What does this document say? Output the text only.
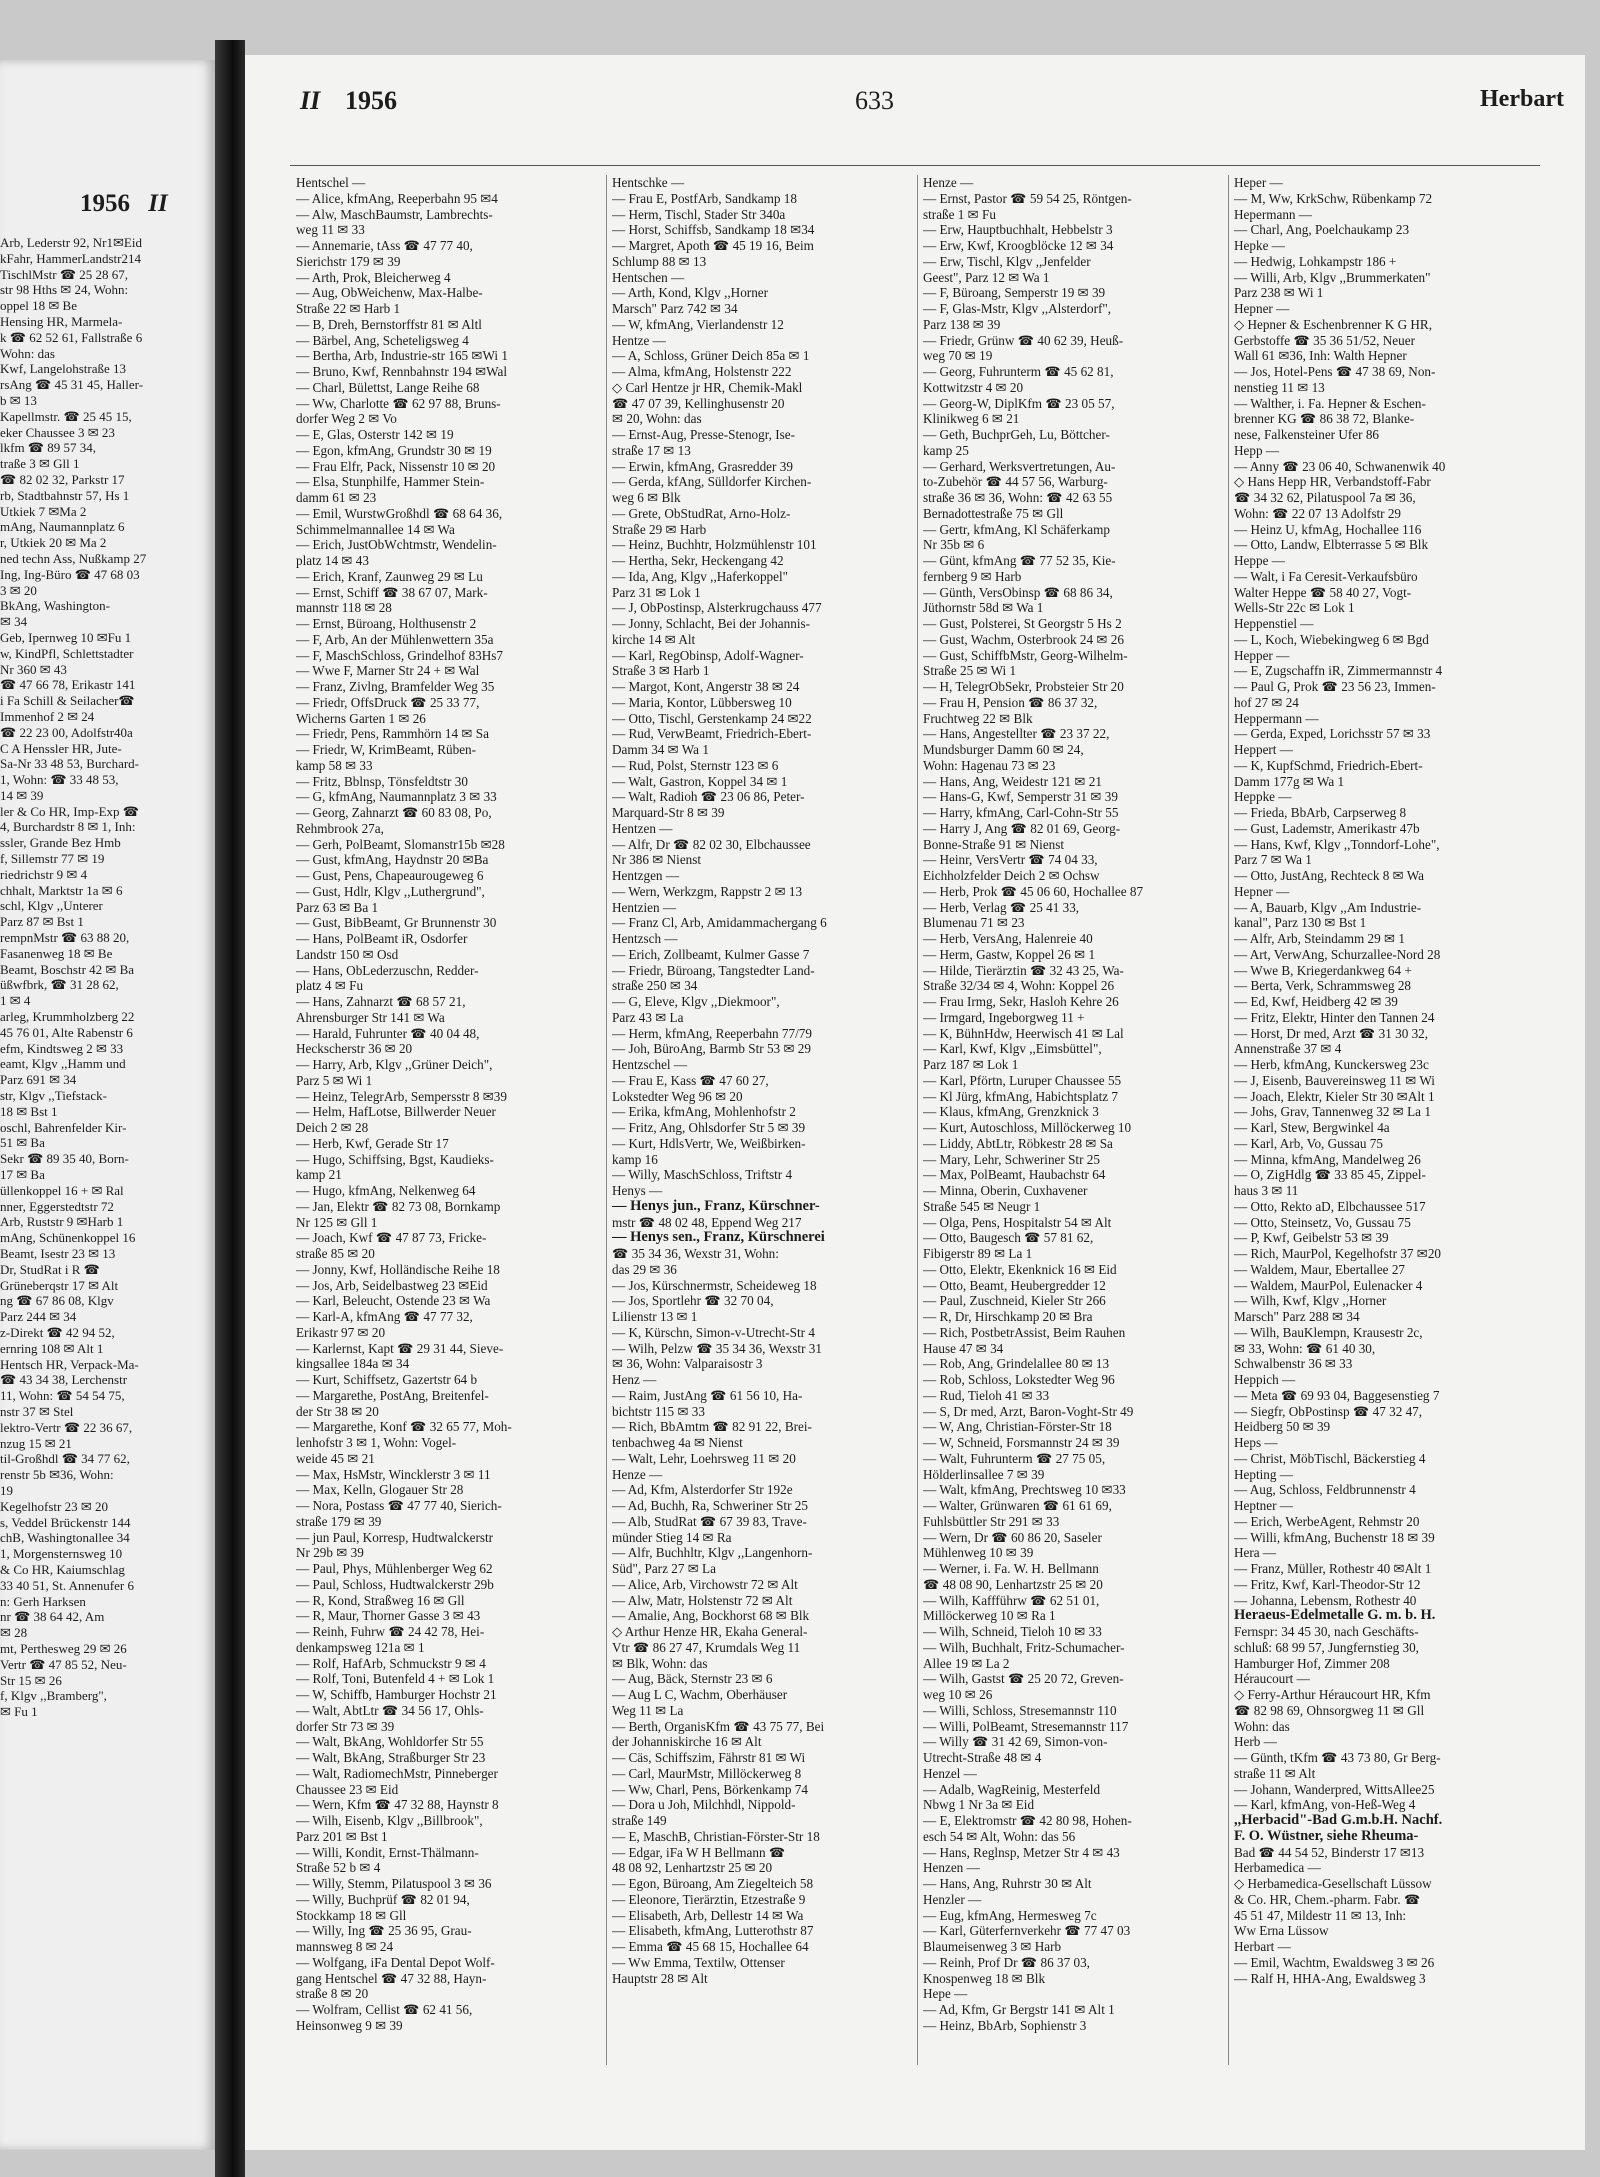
1956 II
Arb, Lederstr 92, Nr1✉Eid
kFahr, HammerLandstr214
TischlMstr ☎ 25 28 67,
str 98 Hths ✉ 24, Wohn:
oppel 18 ✉ Be
Hensing HR, Marmela-
k ☎ 62 52 61, Fallstraße 6
Wohn: das
Kwf, Langelohstraße 13
rsAng ☎ 45 31 45, Haller-
b ✉ 13
Kapellmstr. ☎ 25 45 15,
eker Chaussee 3 ✉ 23
lkfm ☎ 89 57 34,
traße 3 ✉ Gll 1
☎ 82 02 32, Parkstr 17
rb, Stadtbahnstr 57, Hs 1
Utkiek 7 ✉Ma 2
mAng, Naumannplatz 6
r, Utkiek 20 ✉ Ma 2
ned techn Ass, Nußkamp 27
Ing, Ing-Büro ☎ 47 68 03
3 ✉ 20
BkAng, Washington-
✉ 34
Geb, Ipernweg 10 ✉Fu 1
w, KindPfl, Schlettstadter
Nr 360 ✉ 43
☎ 47 66 78, Erikastr 141
i Fa Schill & Seilacher☎
Immenhof 2 ✉ 24
☎ 22 23 00, Adolfstr40a
C A Henssler HR, Jute-
Sa-Nr 33 48 53, Burchard-
1, Wohn: ☎ 33 48 53,
14 ✉ 39
ler & Co HR, Imp-Exp ☎
4, Burchardstr 8 ✉ 1, Inh:
ssler, Grande Bez Hmb
f, Sillemstr 77 ✉ 19
riedrichstr 9 ✉ 4
chhalt, Marktstr 1a ✉ 6
schl, Klgv ,,Unterer
Parz 87 ✉ Bst 1
rempnMstr ☎ 63 88 20,
Fasanenweg 18 ✉ Be
Beamt, Boschstr 42 ✉ Ba
üßwfbrk, ☎ 31 28 62,
1 ✉ 4
arleg, Krummholzberg 22
45 76 01, Alte Rabenstr 6
efm, Kindtsweg 2 ✉ 33
eamt, Klgv ,,Hamm und
Parz 691 ✉ 34
str, Klgv ,,Tiefstack-
18 ✉ Bst 1
oschl, Bahrenfelder Kir-
51 ✉ Ba
Sekr ☎ 89 35 40, Born-
17 ✉ Ba
üllenkoppel 16 + ✉ Ral
nner, Eggerstedtstr 72
Arb, Ruststr 9 ✉Harb 1
mAng, Schünenkoppel 16
Beamt, Isestr 23 ✉ 13
Dr, StudRat i R ☎
Grüneberqstr 17 ✉ Alt
ng ☎ 67 86 08, Klgv
Parz 244 ✉ 34
z-Direkt ☎ 42 94 52,
ernring 108 ✉ Alt 1
Hentsch HR, Verpack-Ma-
☎ 43 34 38, Lerchenstr
11, Wohn: ☎ 54 54 75,
nstr 37 ✉ Stel
lektro-Vertr ☎ 22 36 67,
nzug 15 ✉ 21
til-Großhdl ☎ 34 77 62,
renstr 5b ✉36, Wohn:
19
Kegelhofstr 23 ✉ 20
s, Veddel Brückenstr 144
chB, Washingtonallee 34
1, Morgensternsweg 10
& Co HR, Kaiumschlag
33 40 51, St. Annenufer 6
n: Gerh Harksen
nr ☎ 38 64 42, Am
✉ 28
mt, Perthesweg 29 ✉ 26
Vertr ☎ 47 85 52, Neu-
Str 15 ✉ 26
f, Klgv ,,Bramberg",
✉ Fu 1
II 1956	633	Herbart
Hentschel —
— Alice, kfmAng, Reeperbahn 95 ✉4
— Alw, MaschBaumstr, Lambrechts-
weg 11 ✉ 33
— Annemarie, tAss ☎ 47 77 40,
Sierichstr 179 ✉ 39
— Arth, Prok, Bleicherweg 4
— Aug, ObWeichenw, Max-Halbe-
Straße 22 ✉ Harb 1
— B, Dreh, Bernstorffstr 81 ✉ Altl
— Bärbel, Ang, Scheteligsweg 4
— Bertha, Arb, Industrie-str 165 ✉Wi 1
— Bruno, Kwf, Rennbahnstr 194 ✉Wal
— Charl, Bülettst, Lange Reihe 68
— Ww, Charlotte ☎ 62 97 88, Bruns-
dorfer Weg 2 ✉ Vo
— E, Glas, Osterstr 142 ✉ 19
— Egon, kfmAng, Grundstr 30 ✉ 19
— Frau Elfr, Pack, Nissenstr 10 ✉ 20
— Elsa, Stunphilfe, Hammer Stein-
damm 61 ✉ 23
— Emil, WurstwGroßhdl ☎ 68 64 36,
Schimmelmannallee 14 ✉ Wa
— Erich, JustObWchtmstr, Wendelin-
platz 14 ✉ 43
— Erich, Kranf, Zaunweg 29 ✉ Lu
— Ernst, Schiff ☎ 38 67 07, Mark-
mannstr 118 ✉ 28
— Ernst, Büroang, Holthusenstr 2
— F, Arb, An der Mühlenwettern 35a
— F, MaschSchloss, Grindelhof 83Hs7
— Wwe F, Marner Str 24 + ✉ Wal
— Franz, Zivlng, Bramfelder Weg 35
— Friedr, OffsDruck ☎ 25 33 77,
Wicherns Garten 1 ✉ 26
— Friedr, Pens, Rammhörn 14 ✉ Sa
— Friedr, W, KrimBeamt, Rüben-
kamp 58 ✉ 33
— Fritz, Bblnsp, Tönsfeldtstr 30
— G, kfmAng, Naumannplatz 3 ✉ 33
— Georg, Zahnarzt ☎ 60 83 08, Po,
Rehmbrook 27a,
— Gerh, PolBeamt, Slomanstr15b ✉28
— Gust, kfmAng, Haydnstr 20 ✉Ba
— Gust, Pens, Chapeaurougeweg 6
— Gust, Hdlr, Klgv ,,Luthergrund",
Parz 63 ✉ Ba 1
— Gust, BibBeamt, Gr Brunnenstr 30
— Hans, PolBeamt iR, Osdorfer
Landstr 150 ✉ Osd
— Hans, ObLederzuschn, Redder-
platz 4 ✉ Fu
— Hans, Zahnarzt ☎ 68 57 21,
Ahrensburger Str 141 ✉ Wa
— Harald, Fuhrunter ☎ 40 04 48,
Heckscherstr 36 ✉ 20
— Harry, Arb, Klgv ,,Grüner Deich",
Parz 5 ✉ Wi 1
— Heinz, TelegrArb, Sempersstr 8 ✉39
— Helm, HafLotse, Billwerder Neuer
Deich 2 ✉ 28
— Herb, Kwf, Gerade Str 17
— Hugo, Schiffsing, Bgst, Kaudieks-
kamp 21
— Hugo, kfmAng, Nelkenweg 64
— Jan, Elektr ☎ 82 73 08, Bornkamp
Nr 125 ✉ Gll 1
— Joach, Kwf ☎ 47 87 73, Fricke-
straße 85 ✉ 20
— Jonny, Kwf, Holländische Reihe 18
— Jos, Arb, Seidelbastweg 23 ✉Eid
— Karl, Beleucht, Ostende 23 ✉ Wa
— Karl-A, kfmAng ☎ 47 77 32,
Erikastr 97 ✉ 20
— Karlernst, Kapt ☎ 29 31 44, Sieve-
kingsallee 184a ✉ 34
— Kurt, Schiffsetz, Gazertstr 64 b
— Margarethe, PostAng, Breitenfel-
der Str 38 ✉ 20
— Margarethe, Konf ☎ 32 65 77, Moh-
lenhofstr 3 ✉ 1, Wohn: Vogel-
weide 45 ✉ 21
— Max, HsMstr, Wincklerstr 3 ✉ 11
— Max, Kelln, Glogauer Str 28
— Nora, Postass ☎ 47 77 40, Sierich-
straße 179 ✉ 39
— jun Paul, Korresp, Hudtwalckerstr
Nr 29b ✉ 39
— Paul, Phys, Mühlenberger Weg 62
— Paul, Schloss, Hudtwalckerstr 29b
— R, Kond, Straßweg 16 ✉ Gll
— R, Maur, Thorner Gasse 3 ✉ 43
— Reinh, Fuhrw ☎ 24 42 78, Hei-
denkampsweg 121a ✉ 1
— Rolf, HafArb, Schmuckstr 9 ✉ 4
— Rolf, Toni, Butenfeld 4 + ✉ Lok 1
— W, Schiffb, Hamburger Hochstr 21
— Walt, AbtLtr ☎ 34 56 17, Ohls-
dorfer Str 73 ✉ 39
— Walt, BkAng, Wohldorfer Str 55
— Walt, BkAng, Straßburger Str 23
— Walt, RadiomechMstr, Pinneberger
Chaussee 23 ✉ Eid
— Wern, Kfm ☎ 47 32 88, Haynstr 8
— Wilh, Eisenb, Klgv ,,Billbrook",
Parz 201 ✉ Bst 1
— Willi, Kondit, Ernst-Thälmann-
Straße 52 b ✉ 4
— Willy, Stemm, Pilatuspool 3 ✉ 36
— Willy, Buchprüf ☎ 82 01 94,
Stockkamp 18 ✉ Gll
— Willy, Ing ☎ 25 36 95, Grau-
mannsweg 8 ✉ 24
— Wolfgang, iFa Dental Depot Wolf-
gang Hentschel ☎ 47 32 88, Hayn-
straße 8 ✉ 20
— Wolfram, Cellist ☎ 62 41 56,
Heinsonweg 9 ✉ 39
Hentschke —
— Frau E, PostfArb, Sandkamp 18
— Herm, Tischl, Stader Str 340a
— Horst, Schiffsb, Sandkamp 18 ✉34
— Margret, Apoth ☎ 45 19 16, Beim
Schlump 88 ✉ 13
Hentschen —
— Arth, Kond, Klgv ,,Horner
Marsch" Parz 742 ✉ 34
— W, kfmAng, Vierlandenstr 12
Hentze —
— A, Schloss, Grüner Deich 85a ✉ 1
— Alma, kfmAng, Holstenstr 222
◇ Carl Hentze jr HR, Chemik-Makl
☎ 47 07 39, Kellinghusenstr 20
✉ 20, Wohn: das
— Ernst-Aug, Presse-Stenogr, Ise-
straße 17 ✉ 13
— Erwin, kfmAng, Grasredder 39
— Gerda, kfAng, Sülldorfer Kirchen-
weg 6 ✉ Blk
— Grete, ObStudRat, Arno-Holz-
Straße 29 ✉ Harb
— Heinz, Buchhtr, Holzmühlenstr 101
— Hertha, Sekr, Heckengang 42
— Ida, Ang, Klgv ,,Haferkoppel"
Parz 31 ✉ Lok 1
— J, ObPostinsp, Alsterkrugchauss 477
— Jonny, Schlacht, Bei der Johannis-
kirche 14 ✉ Alt
— Karl, RegObinsp, Adolf-Wagner-
Straße 3 ✉ Harb 1
— Margot, Kont, Angerstr 38 ✉ 24
— Maria, Kontor, Lübbersweg 10
— Otto, Tischl, Gerstenkamp 24 ✉22
— Rud, VerwBeamt, Friedrich-Ebert-
Damm 34 ✉ Wa 1
— Rud, Polst, Sternstr 123 ✉ 6
— Walt, Gastron, Koppel 34 ✉ 1
— Walt, Radioh ☎ 23 06 86, Peter-
Marquard-Str 8 ✉ 39
Hentzen —
— Alfr, Dr ☎ 82 02 30, Elbchaussee
Nr 386 ✉ Nienst
Hentzgen —
— Wern, Werkzgm, Rappstr 2 ✉ 13
Hentzien —
— Franz Cl, Arb, Amidammachergang 6
Hentzsch —
— Erich, Zollbeamt, Kulmer Gasse 7
— Friedr, Büroang, Tangstedter Land-
straße 250 ✉ 34
— G, Eleve, Klgv ,,Diekmoor",
Parz 43 ✉ La
— Herm, kfmAng, Reeperbahn 77/79
— Joh, BüroAng, Barmb Str 53 ✉ 29
Hentzschel —
— Frau E, Kass ☎ 47 60 27,
Lokstedter Weg 96 ✉ 20
— Erika, kfmAng, Mohlenhofstr 2
— Fritz, Ang, Ohlsdorfer Str 5 ✉ 39
— Kurt, HdlsVertr, We, Weißbirken-
kamp 16
— Willy, MaschSchloss, Triftstr 4
Henys —
— Henys jun., Franz, Kürschner-
mstr ☎ 48 02 48, Eppend Weg 217
— Henys sen., Franz, Kürschnerei
☎ 35 34 36, Wexstr 31, Wohn:
das 29 ✉ 36
— Jos, Kürschnermstr, Scheideweg 18
— Jos, Sportlehr ☎ 32 70 04,
Lilienstr 13 ✉ 1
— K, Kürschn, Simon-v-Utrecht-Str 4
— Wilh, Pelzw ☎ 35 34 36, Wexstr 31
✉ 36, Wohn: Valparaisostr 3
Henz —
— Raim, JustAng ☎ 61 56 10, Ha-
bichtstr 115 ✉ 33
— Rich, BbAmtm ☎ 82 91 22, Brei-
tenbachweg 4a ✉ Nienst
— Walt, Lehr, Loehrsweg 11 ✉ 20
Henze —
— Ad, Kfm, Alsterdorfer Str 192e
— Ad, Buchh, Ra, Schweriner Str 25
— Alb, StudRat ☎ 67 39 83, Trave-
münder Stieg 14 ✉ Ra
— Alfr, Buchhltr, Klgv ,,Langenhorn-
Süd", Parz 27 ✉ La
— Alice, Arb, Virchowstr 72 ✉ Alt
— Alw, Matr, Holstenstr 72 ✉ Alt
— Amalie, Ang, Bockhorst 68 ✉ Blk
◇ Arthur Henze HR, Ekaha General-
Vtr ☎ 86 27 47, Krumdals Weg 11
✉ Blk, Wohn: das
— Aug, Bäck, Sternstr 23 ✉ 6
— Aug L C, Wachm, Oberhäuser
Weg 11 ✉ La
— Berth, OrganisKfm ☎ 43 75 77, Bei
der Johanniskirche 16 ✉ Alt
— Cäs, Schiffszim, Fährstr 81 ✉ Wi
— Carl, MaurMstr, Millöckerweg 8
— Ww, Charl, Pens, Börkenkamp 74
— Dora u Joh, Milchhdl, Nippold-
straße 149
— E, MaschB, Christian-Förster-Str 18
— Edgar, iFa W H Bellmann ☎
48 08 92, Lenhartzstr 25 ✉ 20
— Egon, Büroang, Am Ziegelteich 58
— Eleonore, Tierärztin, Etzestraße 9
— Elisabeth, Arb, Dellestr 14 ✉ Wa
— Elisabeth, kfmAng, Lutterothstr 87
— Emma ☎ 45 68 15, Hochallee 64
— Ww Emma, Textilw, Ottenser
Hauptstr 28 ✉ Alt
Henze —
— Ernst, Pastor ☎ 59 54 25, Röntgen-
straße 1 ✉ Fu
— Erw, Hauptbuchhalt, Hebbelstr 3
— Erw, Kwf, Kroogblöcke 12 ✉ 34
— Erw, Tischl, Klgv ,,Jenfelder
Geest", Parz 12 ✉ Wa 1
— F, Büroang, Semperstr 19 ✉ 39
— F, Glas-Mstr, Klgv ,,Alsterdorf",
Parz 138 ✉ 39
— Friedr, Grünw ☎ 40 62 39, Heuß-
weg 70 ✉ 19
— Georg, Fuhrunterm ☎ 45 62 81,
Kottwitzstr 4 ✉ 20
— Georg-W, DiplKfm ☎ 23 05 57,
Klinikweg 6 ✉ 21
— Geth, BuchprGeh, Lu, Böttcher-
kamp 25
— Gerhard, Werksvertretungen, Au-
to-Zubehör ☎ 44 57 56, Warburg-
straße 36 ✉ 36, Wohn: ☎ 42 63 55
Bernadottestraße 75 ✉ Gll
— Gertr, kfmAng, Kl Schäferkamp
Nr 35b ✉ 6
— Günt, kfmAng ☎ 77 52 35, Kie-
fernberg 9 ✉ Harb
— Günth, VersObinsp ☎ 68 86 34,
Jüthornstr 58d ✉ Wa 1
— Gust, Polsterei, St Georgstr 5 Hs 2
— Gust, Wachm, Osterbrook 24 ✉ 26
— Gust, SchiffbMstr, Georg-Wilhelm-
Straße 25 ✉ Wi 1
— H, TelegrObSekr, Probsteier Str 20
— Frau H, Pension ☎ 86 37 32,
Fruchtweg 22 ✉ Blk
— Hans, Angestellter ☎ 23 37 22,
Mundsburger Damm 60 ✉ 24,
Wohn: Hagenau 73 ✉ 23
— Hans, Ang, Weidestr 121 ✉ 21
— Hans-G, Kwf, Semperstr 31 ✉ 39
— Harry, kfmAng, Carl-Cohn-Str 55
— Harry J, Ang ☎ 82 01 69, Georg-
Bonne-Straße 91 ✉ Nienst
— Heinr, VersVertr ☎ 74 04 33,
Eichholzfelder Deich 2 ✉ Ochsw
— Herb, Prok ☎ 45 06 60, Hochallee 87
— Herb, Verlag ☎ 25 41 33,
Blumenau 71 ✉ 23
— Herb, VersAng, Halenreie 40
— Herm, Gastw, Koppel 26 ✉ 1
— Hilde, Tierärztin ☎ 32 43 25, Wa-
Straße 32/34 ✉ 4, Wohn: Koppel 26
— Frau Irmg, Sekr, Hasloh Kehre 26
— Irmgard, Ingeborgweg 11 +
— K, BühnHdw, Heerwisch 41 ✉ Lal
— Karl, Kwf, Klgv ,,Eimsbüttel",
Parz 187 ✉ Lok 1
— Karl, Pförtn, Luruper Chaussee 55
— Kl Jürg, kfmAng, Habichtsplatz 7
— Klaus, kfmAng, Grenzknick 3
— Kurt, Autoschloss, Millöckerweg 10
— Liddy, AbtLtr, Röbkestr 28 ✉ Sa
— Mary, Lehr, Schweriner Str 25
— Max, PolBeamt, Haubachstr 64
— Minna, Oberin, Cuxhavener
Straße 545 ✉ Neugr 1
— Olga, Pens, Hospitalstr 54 ✉ Alt
— Otto, Baugesch ☎ 57 81 62,
Fibigerstr 89 ✉ La 1
— Otto, Elektr, Ekenknick 16 ✉ Eid
— Otto, Beamt, Heubergredder 12
— Paul, Zuschneid, Kieler Str 266
— R, Dr, Hirschkamp 20 ✉ Bra
— Rich, PostbetrAssist, Beim Rauhen
Hause 47 ✉ 34
— Rob, Ang, Grindelallee 80 ✉ 13
— Rob, Schloss, Lokstedter Weg 96
— Rud, Tieloh 41 ✉ 33
— S, Dr med, Arzt, Baron-Voght-Str 49
— W, Ang, Christian-Förster-Str 18
— W, Schneid, Forsmannstr 24 ✉ 39
— Walt, Fuhrunterm ☎ 27 75 05,
Hölderlinsallee 7 ✉ 39
— Walt, kfmAng, Prechtsweg 10 ✉33
— Walter, Grünwaren ☎ 61 61 69,
Fuhlsbüttler Str 291 ✉ 33
— Wern, Dr ☎ 60 86 20, Saseler
Mühlenweg 10 ✉ 39
— Werner, i. Fa. W. H. Bellmann
☎ 48 08 90, Lenhartzstr 25 ✉ 20
— Wilh, Kaffführw ☎ 62 51 01,
Millöckerweg 10 ✉ Ra 1
— Wilh, Schneid, Tieloh 10 ✉ 33
— Wilh, Buchhalt, Fritz-Schumacher-
Allee 19 ✉ La 2
— Wilh, Gastst ☎ 25 20 72, Greven-
weg 10 ✉ 26
— Willi, Schloss, Stresemannstr 110
— Willi, PolBeamt, Stresemannstr 117
— Willy ☎ 31 42 69, Simon-von-
Utrecht-Straße 48 ✉ 4
Henzel —
— Adalb, WagReinig, Mesterfeld
Nbwg 1 Nr 3a ✉ Eid
— E, Elektromstr ☎ 42 80 98, Hohen-
esch 54 ✉ Alt, Wohn: das 56
— Hans, Reglnsp, Metzer Str 4 ✉ 43
Henzen —
— Hans, Ang, Ruhrstr 30 ✉ Alt
Henzler —
— Eug, kfmAng, Hermesweg 7c
— Karl, Güterfernverkehr ☎ 77 47 03
Blaumeisenweg 3 ✉ Harb
— Reinh, Prof Dr ☎ 86 37 03,
Knospenweg 18 ✉ Blk
Hepe —
— Ad, Kfm, Gr Bergstr 141 ✉ Alt 1
— Heinz, BbArb, Sophienstr 3
Heper —
— M, Ww, KrkSchw, Rübenkamp 72
Hepermann —
— Charl, Ang, Poelchaukamp 23
Hepke —
— Hedwig, Lohkampstr 186 +
— Willi, Arb, Klgv ,,Brummerkaten"
Parz 238 ✉ Wi 1
Hepner —
◇ Hepner & Eschenbrenner K G HR,
Gerbstoffe ☎ 35 36 51/52, Neuer
Wall 61 ✉36, Inh: Walth Hepner
— Jos, Hotel-Pens ☎ 47 38 69, Non-
nenstieg 11 ✉ 13
— Walther, i. Fa. Hepner & Eschen-
brenner KG ☎ 86 38 72, Blanke-
nese, Falkensteiner Ufer 86
Hepp —
— Anny ☎ 23 06 40, Schwanenwik 40
◇ Hans Hepp HR, Verbandstoff-Fabr
☎ 34 32 62, Pilatuspool 7a ✉ 36,
Wohn: ☎ 22 07 13 Adolfstr 29
— Heinz U, kfmAg, Hochallee 116
— Otto, Landw, Elbterrasse 5 ✉ Blk
Heppe —
— Walt, i Fa Ceresit-Verkaufsbüro
Walter Heppe ☎ 58 40 27, Vogt-
Wells-Str 22c ✉ Lok 1
Heppenstiel —
— L, Koch, Wiebekingweg 6 ✉ Bgd
Hepper —
— E, Zugschaffn iR, Zimmermannstr 4
— Paul G, Prok ☎ 23 56 23, Immen-
hof 27 ✉ 24
Heppermann —
— Gerda, Exped, Lorichsstr 57 ✉ 33
Heppert —
— K, KupfSchmd, Friedrich-Ebert-
Damm 177g ✉ Wa 1
Heppke —
— Frieda, BbArb, Carpserweg 8
— Gust, Lademstr, Amerikastr 47b
— Hans, Kwf, Klgv ,,Tonndorf-Lohe",
Parz 7 ✉ Wa 1
— Otto, JustAng, Rechteck 8 ✉ Wa
Hepner —
— A, Bauarb, Klgv ,,Am Industrie-
kanal", Parz 130 ✉ Bst 1
— Alfr, Arb, Steindamm 29 ✉ 1
— Art, VerwAng, Schurzallee-Nord 28
— Wwe B, Kriegerdankweg 64 +
— Berta, Verk, Schrammsweg 28
— Ed, Kwf, Heidberg 42 ✉ 39
— Fritz, Elektr, Hinter den Tannen 24
— Horst, Dr med, Arzt ☎ 31 30 32,
Annenstraße 37 ✉ 4
— Herb, kfmAng, Kunckersweg 23c
— J, Eisenb, Bauvereinsweg 11 ✉ Wi
— Joach, Elektr, Kieler Str 30 ✉Alt 1
— Johs, Grav, Tannenweg 32 ✉ La 1
— Karl, Stew, Bergwinkel 4a
— Karl, Arb, Vo, Gussau 75
— Minna, kfmAng, Mandelweg 26
— O, ZigHdlg ☎ 33 85 45, Zippel-
haus 3 ✉ 11
— Otto, Rekto aD, Elbchaussee 517
— Otto, Steinsetz, Vo, Gussau 75
— P, Kwf, Geibelstr 53 ✉ 39
— Rich, MaurPol, Kegelhofstr 37 ✉20
— Waldem, Maur, Ebertallee 27
— Waldem, MaurPol, Eulenacker 4
— Wilh, Kwf, Klgv ,,Horner
Marsch" Parz 288 ✉ 34
— Wilh, BauKlempn, Krausestr 2c,
✉ 33, Wohn: ☎ 61 40 30,
Schwalbenstr 36 ✉ 33
Heppich —
— Meta ☎ 69 93 04, Baggesenstieg 7
— Siegfr, ObPostinsp ☎ 47 32 47,
Heidberg 50 ✉ 39
Heps —
— Christ, MöbTischl, Bäckerstieg 4
Hepting —
— Aug, Schloss, Feldbrunnenstr 4
Heptner —
— Erich, WerbeAgent, Rehmstr 20
— Willi, kfmAng, Buchenstr 18 ✉ 39
Hera —
— Franz, Müller, Rothestr 40 ✉Alt 1
— Fritz, Kwf, Karl-Theodor-Str 12
— Johanna, Lebensm, Rothestr 40
Heraeus-Edelmetalle G. m. b. H.
Fernspr: 34 45 30, nach Geschäfts-
schluß: 68 99 57, Jungfernstieg 30,
Hamburger Hof, Zimmer 208
Héraucourt —
◇ Ferry-Arthur Héraucourt HR, Kfm
☎ 82 98 69, Ohnsorgweg 11 ✉ Gll
Wohn: das
Herb —
— Günth, tKfm ☎ 43 73 80, Gr Berg-
straße 11 ✉ Alt
— Johann, Wanderpred, WittsAllee25
— Karl, kfmAng, von-Heß-Weg 4
,,Herbacid"-Bad G.m.b.H. Nachf.
F. O. Wüstner, siehe Rheuma-
Bad ☎ 44 54 52, Binderstr 17 ✉13
Herbamedica —
◇ Herbamedica-Gesellschaft Lüssow
& Co. HR, Chem.-pharm. Fabr. ☎
45 51 47, Mildestr 11 ✉ 13, Inh:
Ww Erna Lüssow
Herbart —
— Emil, Wachtm, Ewaldsweg 3 ✉ 26
— Ralf H, HHA-Ang, Ewaldsweg 3
